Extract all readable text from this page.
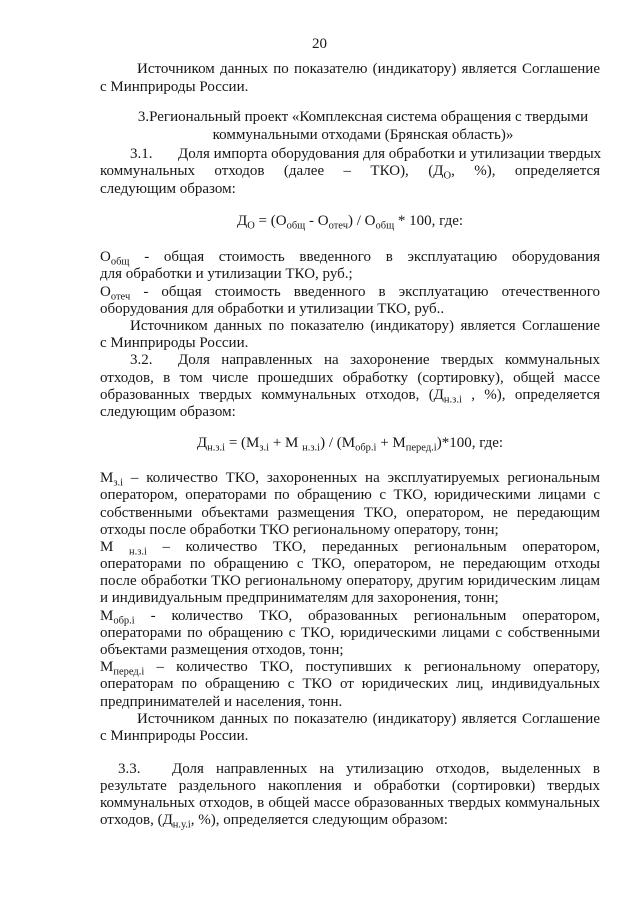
20
Источником данных по показателю (индикатору) является Соглашение
с Минприроды России.
3.Региональный проект «Комплексная система обращения с твердыми
коммунальными отходами (Брянская область)»
3.1. Доля импорта оборудования для обработки и утилизации твердых
коммунальных отходов (далее – ТКО), ($Д_О$, %), определяется
следующим образом:
$Д_О = (О_{общ} - О_{отеч}) / О_{общ} * 100$, где:
$О_{общ}$ - общая стоимость введенного в эксплуатацию оборудования
для обработки и утилизации ТКО, руб.;
$О_{отеч}$ - общая стоимость введенного в эксплуатацию отечественного
оборудования для обработки и утилизации ТКО, руб..
Источником данных по показателю (индикатору) является Соглашение
с Минприроды России.
3.2. Доля направленных на захоронение твердых коммунальных
отходов, в том числе прошедших обработку (сортировку), общей массе
образованных твердых коммунальных отходов, ($Д_{н.з.i}$ , %), определяется
следующим образом:
$Д_{н.з.i} = (М_{з.i} + М$ $_{н.з.i}) / (М_{обр.i} + М_{перед.i})*100$, где:
$М_{з.i}$ – количество ТКО, захороненных на эксплуатируемых региональным
оператором, операторами по обращению с ТКО, юридическими лицами с
собственными объектами размещения ТКО, оператором, не передающим
отходы после обработки ТКО региональному оператору, тонн;
М $_{н.з.i}$ – количество ТКО, переданных региональным оператором,
операторами по обращению с ТКО, оператором, не передающим отходы
после обработки ТКО региональному оператору, другим юридическим лицам
и индивидуальным предпринимателям для захоронения, тонн;
$М_{обр.i}$ - количество ТКО, образованных региональным оператором,
операторами по обращению с ТКО, юридическими лицами с собственными
объектами размещения отходов, тонн;
$М_{перед.i}$ – количество ТКО, поступивших к региональному оператору,
операторам по обращению с ТКО от юридических лиц, индивидуальных
предпринимателей и населения, тонн.
Источником данных по показателю (индикатору) является Соглашение
с Минприроды России.
3.3. Доля направленных на утилизацию отходов, выделенных в
результате раздельного накопления и обработки (сортировки) твердых
коммунальных отходов, в общей массе образованных твердых коммунальных
отходов, ($Д_{н.у.i}$, %), определяется следующим образом:
